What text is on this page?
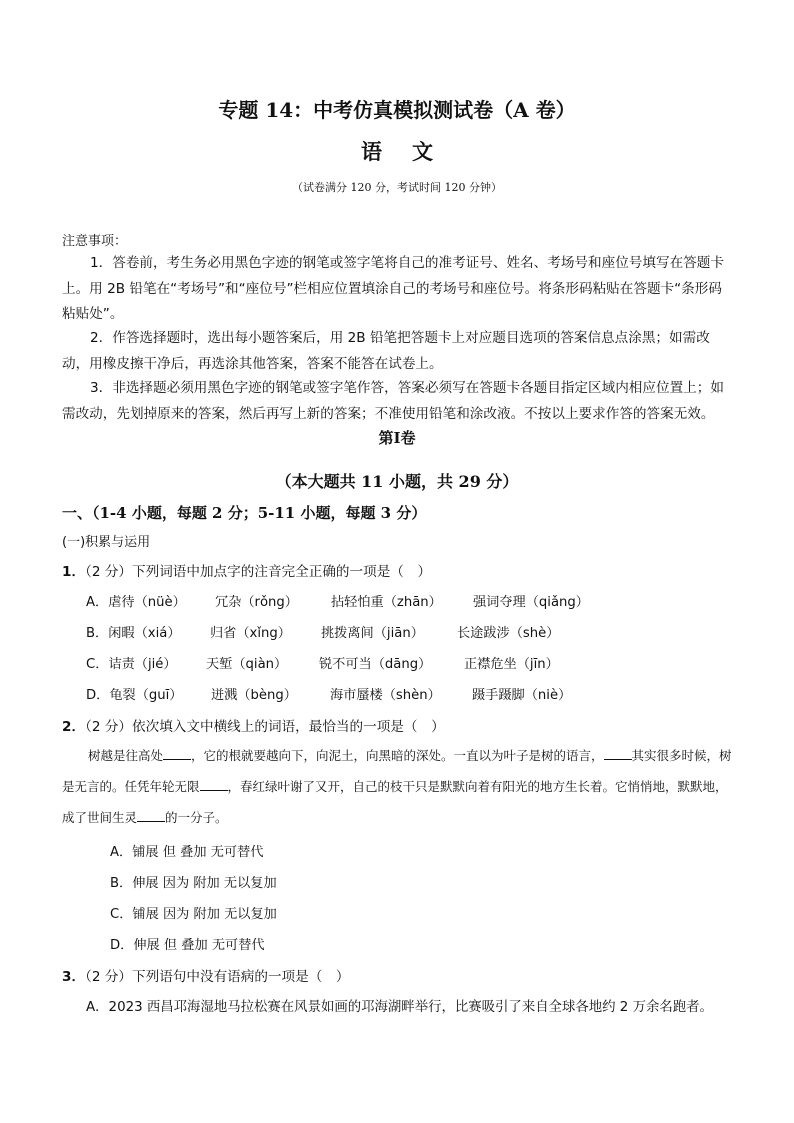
专题 14：中考仿真模拟测试卷（A 卷）
语文
（试卷满分 120 分，考试时间 120 分钟）
注意事项：
1．答卷前，考生务必用黑色字迹的钢笔或签字笔将自己的准考证号、姓名、考场号和座位号填写在答题卡上。用 2B 铅笔在“考场号”和“座位号”栏相应位置填涂自己的考场号和座位号。将条形码粘贴在答题卡“条形码粘贴处”。
2．作答选择题时，选出每小题答案后，用 2B 铅笔把答题卡上对应题目选项的答案信息点涂黑；如需改动，用橡皮擦干净后，再选涂其他答案，答案不能答在试卷上。
3．非选择题必须用黑色字迹的钢笔或签字笔作答，答案必须写在答题卡各题目指定区域内相应位置上；如需改动，先划掉原来的答案，然后再写上新的答案；不准使用铅笔和涂改液。不按以上要求作答的答案无效。
第Ⅰ卷
（本大题共 11 小题，共 29 分）
一、（1-4 小题，每题 2 分；5-11 小题，每题 3 分）
(一)积累与运用
1．（2 分）下列词语中加点字的注音完全正确的一项是（　）
A．虐待（nüè） 冗杂（rǒng）	拈轻怕重（zhān） 强词夺理（qiǎng）
B．闲暇（xiá） 归省（xǐng） 挑拨离间（jiān）	长途跋涉（shè）
C．诘责（jié） 天堑（qiàn） 锐不可当（dāng） 正襟危坐（jīn）
D．龟裂（guī） 迸溅（bèng）	海市蜃楼（shèn） 蹑手蹑脚（niè）
2．（2 分）依次填入文中横线上的词语，最恰当的一项是（　）
树越是往高处 ，它的根就要越向下，向泥土，向黑暗的深处。一直以为叶子是树的语言， 其实很多时候，树是无言的。任凭年轮无限 ，春红绿叶谢了又开，自己的枝干只是默默向着有阳光的地方生长着。它悄悄地，默默地，成了世间生灵 的一分子。
A．铺展 但 叠加 无可替代
B．伸展 因为 附加 无以复加
C．铺展 因为 附加 无以复加
D．伸展 但 叠加 无可替代
3．（2 分）下列语句中没有语病的一项是（　）
A．2023 西昌邛海湿地马拉松赛在风景如画的邛海湖畔举行，比赛吸引了来自全球各地约 2 万余名跑者。
